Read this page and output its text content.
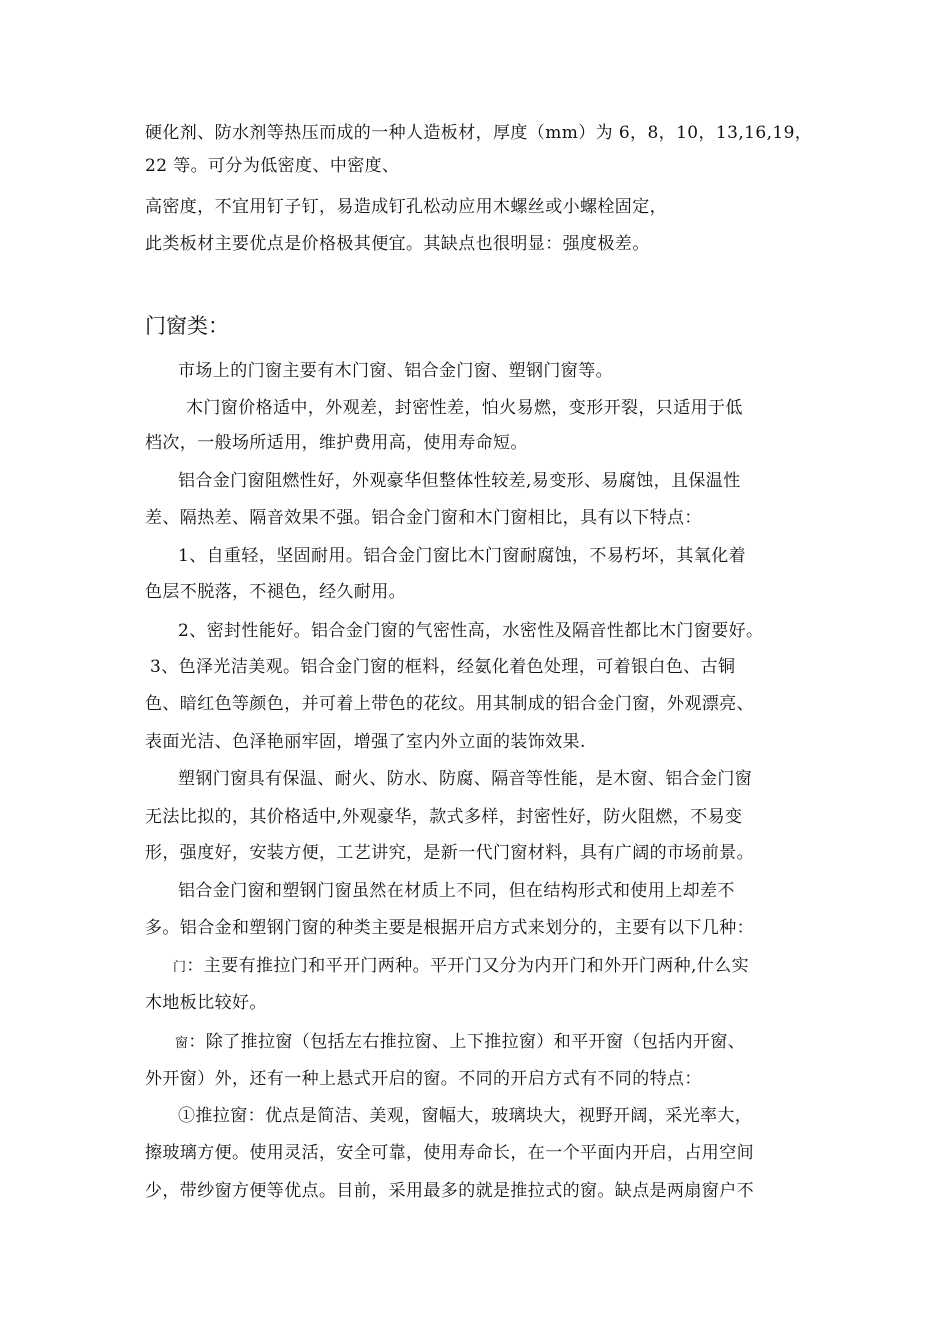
硬化剂、防水剂等热压而成的一种人造板材，厚度（mm）为 6，8，10，13,16,19，
22 等。可分为低密度、中密度、
高密度，不宜用钉子钉，易造成钉孔松动应用木螺丝或小螺栓固定，
此类板材主要优点是价格极其便宜。其缺点也很明显：强度极差。
门窗类：
市场上的门窗主要有木门窗、铝合金门窗、塑钢门窗等。
木门窗价格适中，外观差，封密性差，怕火易燃，变形开裂，只适用于低
档次，一般场所适用，维护费用高，使用寿命短。
铝合金门窗阻燃性好，外观豪华但整体性较差,易变形、易腐蚀，且保温性
差、隔热差、隔音效果不强。铝合金门窗和木门窗相比，具有以下特点：
1、自重轻，坚固耐用。铝合金门窗比木门窗耐腐蚀，不易朽坏，其氧化着
色层不脱落，不褪色，经久耐用。
2、密封性能好。铝合金门窗的气密性高，水密性及隔音性都比木门窗要好。
3、色泽光洁美观。铝合金门窗的框料，经氨化着色处理，可着银白色、古铜
色、暗红色等颜色，并可着上带色的花纹。用其制成的铝合金门窗，外观漂亮、
表面光洁、色泽艳丽牢固，增强了室内外立面的装饰效果.
塑钢门窗具有保温、耐火、防水、防腐、隔音等性能，是木窗、铝合金门窗
无法比拟的，其价格适中,外观豪华，款式多样，封密性好，防火阻燃，不易变
形，强度好，安装方便，工艺讲究，是新一代门窗材料，具有广阔的市场前景。
铝合金门窗和塑钢门窗虽然在材质上不同，但在结构形式和使用上却差不
多。铝合金和塑钢门窗的种类主要是根据开启方式来划分的，主要有以下几种：
门：主要有推拉门和平开门两种。平开门又分为内开门和外开门两种,什么实
木地板比较好。
窗：除了推拉窗（包括左右推拉窗、上下推拉窗）和平开窗（包括内开窗、
外开窗）外，还有一种上悬式开启的窗。不同的开启方式有不同的特点：
①推拉窗：优点是简洁、美观，窗幅大，玻璃块大，视野开阔，采光率大，
擦玻璃方便。使用灵活，安全可靠，使用寿命长，在一个平面内开启，占用空间
少，带纱窗方便等优点。目前，采用最多的就是推拉式的窗。缺点是两扇窗户不
